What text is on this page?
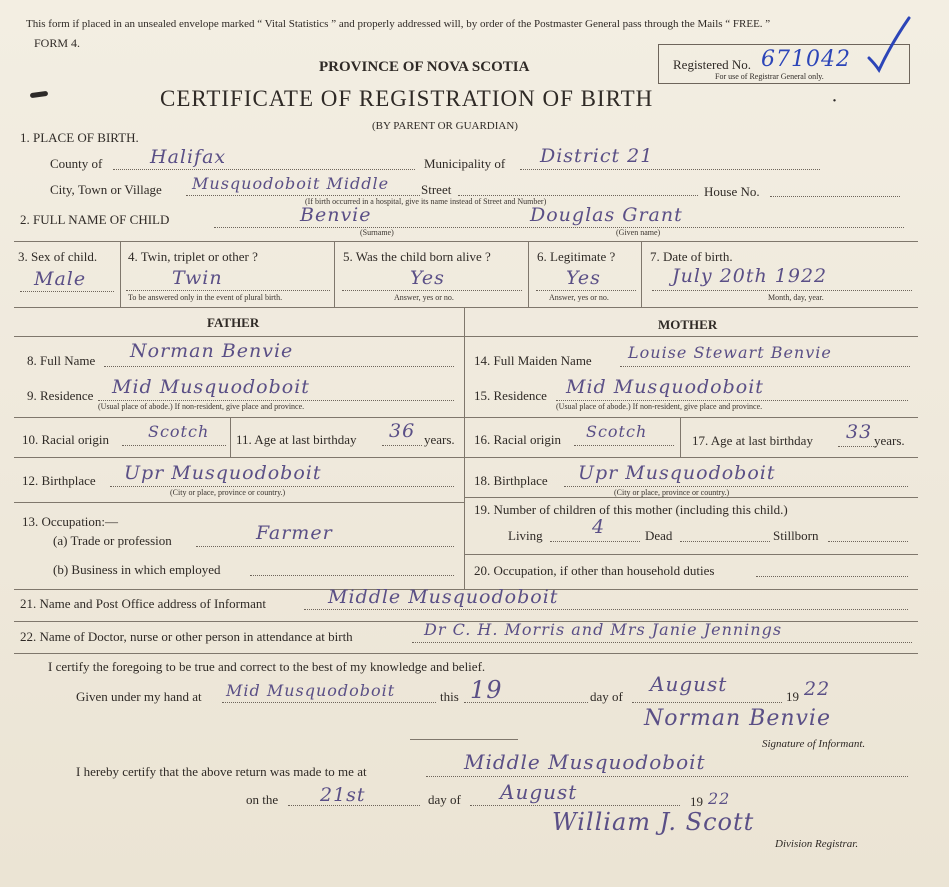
This form if placed in an unsealed envelope marked “ Vital Statistics ” and properly addressed will, by order of the Postmaster General pass through the Mails “ FREE. ”
FORM 4.
PROVINCE OF NOVA SCOTIA
CERTIFICATE OF REGISTRATION OF BIRTH
(BY PARENT OR GUARDIAN)
·
Registered No. 671042
For use of Registrar General only.
1. PLACE OF BIRTH.
County of	Halifax	Municipality of District 21
City, Town or Village Musquodoboit Middle Street	House No.
(If birth occurred in a hospital, give its name instead of Street and Number)
2. FULL NAME OF CHILD	Benvie
(Surname)
Douglas Grant
(Given name)
3. Sex of child.
Male
4. Twin, triplet or other ?
Twin
To be answered only in the event of plural birth.
5. Was the child born alive ?
Yes
Answer, yes or no.
6. Legitimate ?
Yes
Answer, yes or no.
7. Date of birth.
July 20th 1922
Month, day, year.
FATHER	MOTHER
8. Full Name Norman Benvie
9. Residence Mid Musquodoboit
(Usual place of abode.) If non-resident, give place and province.
10. Racial origin Scotch 11. Age at last birthday 36 years.
12. Birthplace Upr Musquodoboit
(City or place, province or country.)
13. Occupation:—
(a) Trade or profession	Farmer
(b) Business in which employed
14. Full Maiden Name Louise Stewart Benvie
15. Residence Mid Musquodoboit
(Usual place of abode.) If non-resident, give place and province.
16. Racial origin Scotch	17. Age at last birthday 33 years.
18. Birthplace Upr Musquodoboit
(City or place, province or country.)
19. Number of children of this mother (including this child.)
Living	4	Dead	Stillborn
20. Occupation, if other than household duties
21. Name and Post Office address of Informant	Middle Musquodoboit
22. Name of Doctor, nurse or other person in attendance at birth	Dr C. H. Morris and Mrs Janie Jennings
I certify the foregoing to be true and correct to the best of my knowledge and belief.
Given under my hand at Mid Musquodoboit	this 19	day of
August
19 22
Norman Benvie
Signature of Informant.
I hereby certify that the above return was made to me at	Middle Musquodoboit
on the 21st	day of August	19 22
William J. Scott
Division Registrar.
